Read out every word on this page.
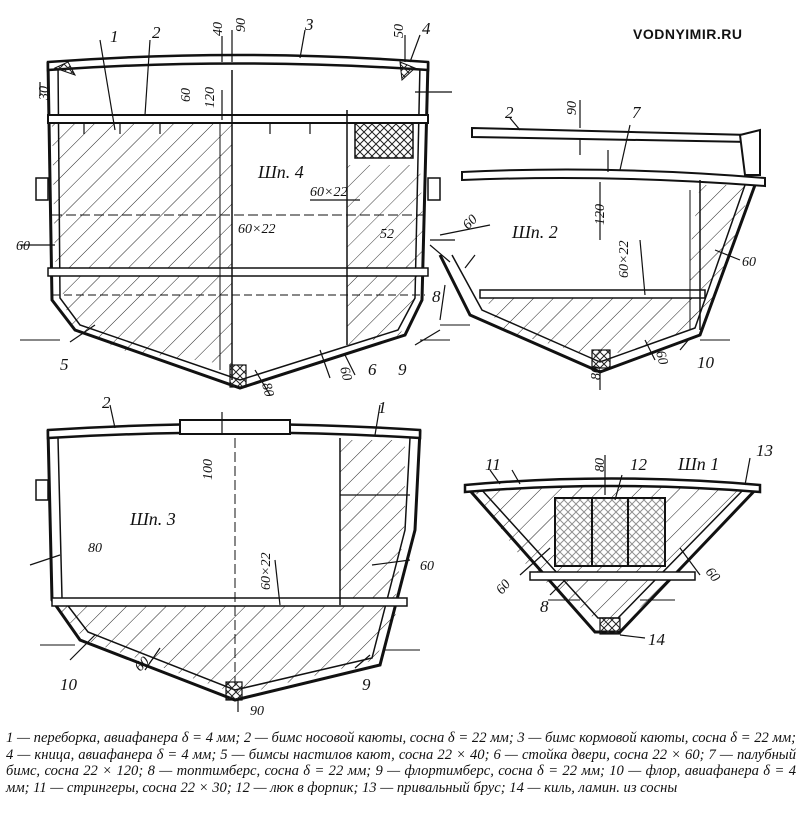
VODNYIMIR.RU
Шп. 4
Шп. 2
Шп. 3
Шп 1
40 90	50
30	60 120
60×22
60×22
60
52
60
80
60
90
120
60×22	60
60
80
100
80
60×22	60
60
90
80
60
60
1 2	3	4
5	6
8
9
2	7
10
2	1
10	9
11	12
13
8
14
1 — переборка, авиафанера δ = 4 мм; 2 — бимс носовой каюты, сосна δ = 22 мм; 3 — бимс кормовой каюты, сосна δ = 22 мм; 4 — кница, авиафанера δ = 4 мм; 5 — бимсы настилов кают, сосна 22 × 40; 6 — стойка двери, сосна 22 × 60; 7 — палубный бимс, сосна 22 × 120; 8 — топтимберс, сосна δ = 22 мм; 9 — флортимберс, сосна δ = 22 мм; 10 — флор, авиафанера δ = 4 мм; 11 — стрингеры, сосна 22 × 30; 12 — люк в форпик; 13 — привальный брус; 14 — киль, ламин. из сосны
